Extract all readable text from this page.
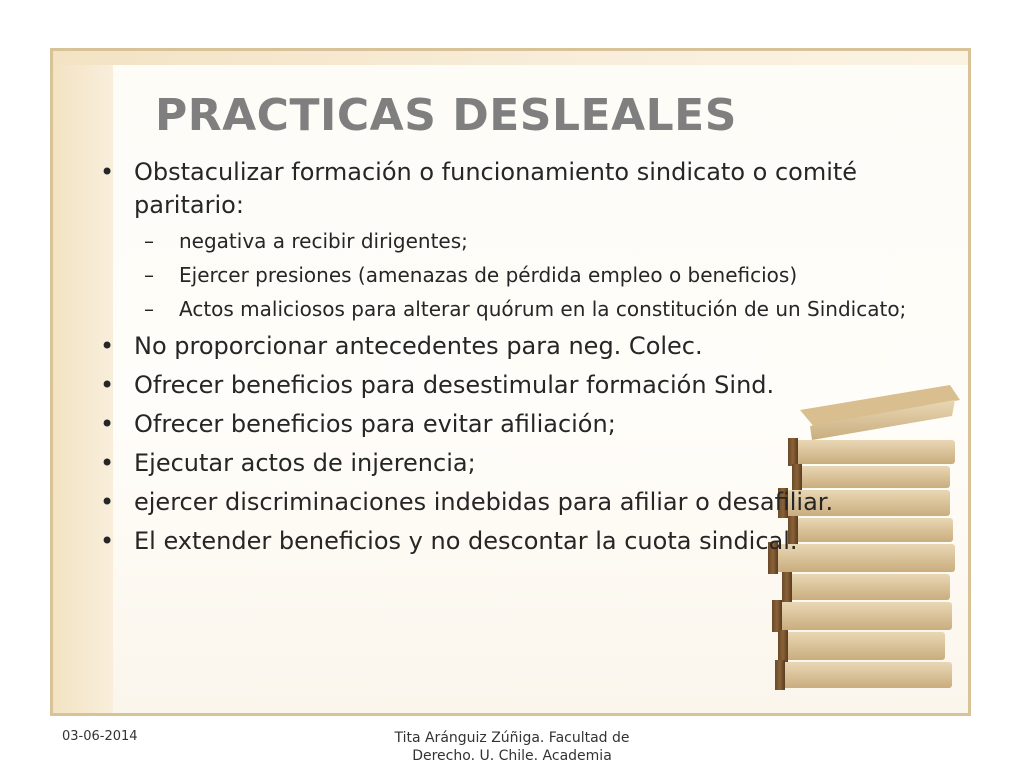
PRACTICAS DESLEALES
• Obstaculizar formación o funcionamiento sindicato o comité paritario:
– negativa a recibir dirigentes;
– Ejercer presiones (amenazas de pérdida empleo o beneficios)
– Actos maliciosos para alterar quórum en la constitución de un Sindicato;
• No proporcionar antecedentes para neg. Colec.
• Ofrecer beneficios para desestimular formación Sind.
• Ofrecer beneficios para evitar afiliación;
• Ejecutar actos de injerencia;
• ejercer discriminaciones indebidas para afiliar o desafiliar.
• El extender beneficios y no descontar la cuota sindical.
03-06-2014	Tita Aránguiz Zúñiga. Facultad de
Derecho. U. Chile. Academia
